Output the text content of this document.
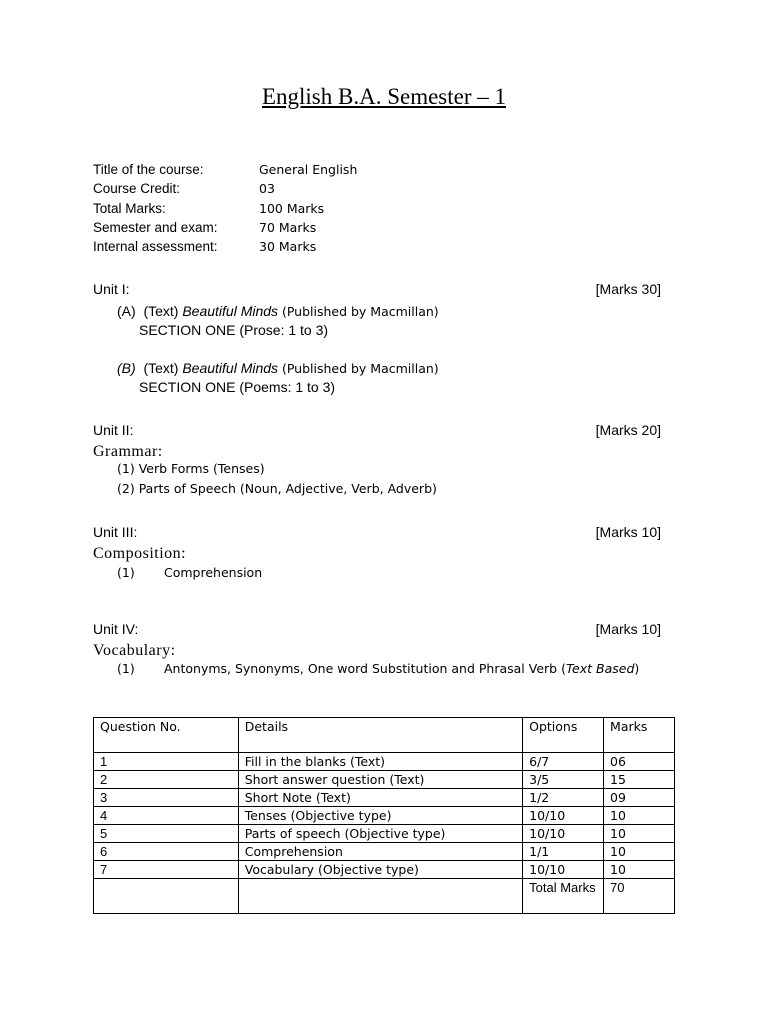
English B.A. Semester – 1
Title of the course:	General English
Course Credit:	03
Total Marks:	100 Marks
Semester and exam:	70 Marks
Internal assessment:	30 Marks
Unit I:	[Marks 30]
(A) (Text) Beautiful Minds (Published by Macmillan)
SECTION ONE (Prose: 1 to 3)
(B) (Text) Beautiful Minds (Published by Macmillan)
SECTION ONE (Poems: 1 to 3)
Unit II:	[Marks 20]
Grammar:
(1) Verb Forms (Tenses)
(2) Parts of Speech (Noun, Adjective, Verb, Adverb)
Unit III:	[Marks 10]
Composition:
(1) Comprehension
Unit IV:	[Marks 10]
Vocabulary:
(1) Antonyms, Synonyms, One word Substitution and Phrasal Verb (Text Based)
Question No.	Details	Options	Marks
1	Fill in the blanks (Text)	6/7	06
2	Short answer question (Text)	3/5	15
3	Short Note (Text)	1/2	09
4	Tenses (Objective type)	10/10	10
5	Parts of speech (Objective type)	10/10	10
6	Comprehension	1/1	10
7	Vocabulary (Objective type)	10/10	10
		Total Marks	70
